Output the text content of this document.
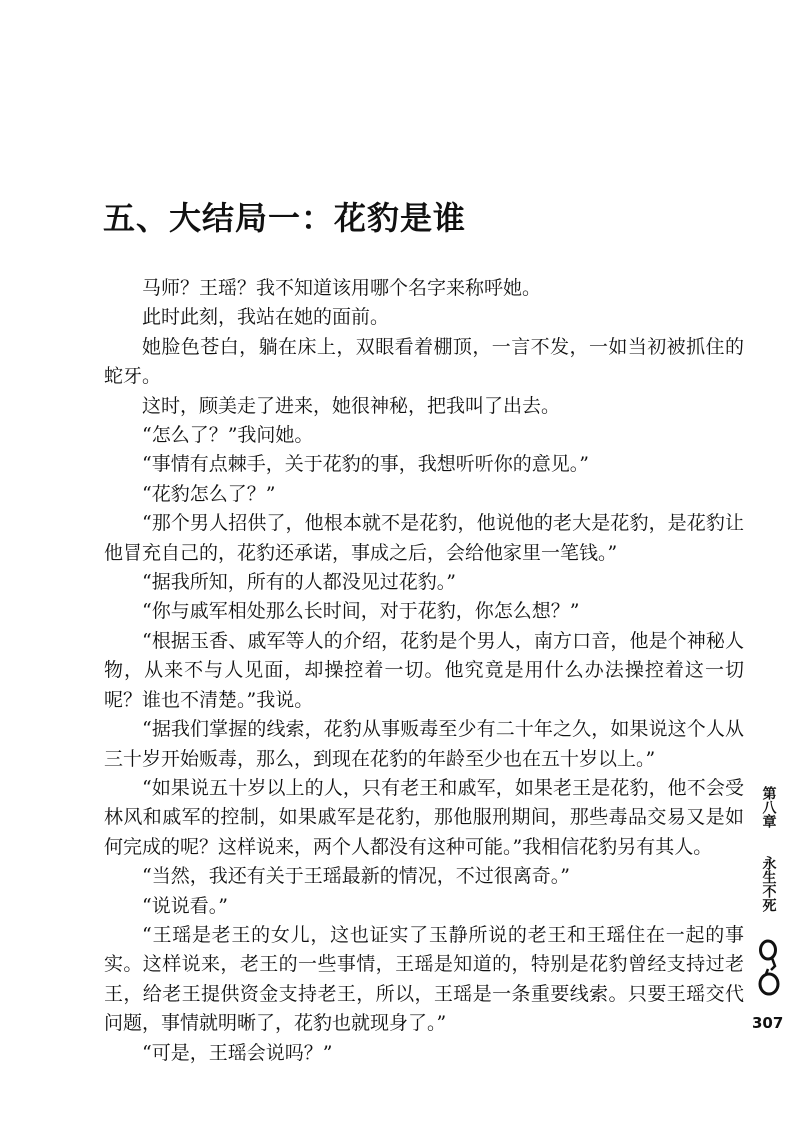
五、大结局一：花豹是谁

马师？王瑶？我不知道该用哪个名字来称呼她。

此时此刻，我站在她的面前。

她脸色苍白，躺在床上，双眼看着棚顶，一言不发，一如当初被抓住的蛇牙。

这时，顾美走了进来，她很神秘，把我叫了出去。

“怎么了？”我问她。

“事情有点棘手，关于花豹的事，我想听听你的意见。”

“花豹怎么了？”

“那个男人招供了，他根本就不是花豹，他说他的老大是花豹，是花豹让他冒充自己的，花豹还承诺，事成之后，会给他家里一笔钱。”

“据我所知，所有的人都没见过花豹。”

“你与戚军相处那么长时间，对于花豹，你怎么想？”

“根据玉香、戚军等人的介绍，花豹是个男人，南方口音，他是个神秘人物，从来不与人见面，却操控着一切。他究竟是用什么办法操控着这一切呢？谁也不清楚。”我说。

“据我们掌握的线索，花豹从事贩毒至少有二十年之久，如果说这个人从三十岁开始贩毒，那么，到现在花豹的年龄至少也在五十岁以上。”

“如果说五十岁以上的人，只有老王和戚军，如果老王是花豹，他不会受林风和戚军的控制，如果戚军是花豹，那他服刑期间，那些毒品交易又是如何完成的呢？这样说来，两个人都没有这种可能。”我相信花豹另有其人。

“当然，我还有关于王瑶最新的情况，不过很离奇。”

“说说看。”

“王瑶是老王的女儿，这也证实了玉静所说的老王和王瑶住在一起的事实。这样说来，老王的一些事情，王瑶是知道的，特别是花豹曾经支持过老王，给老王提供资金支持老王，所以，王瑶是一条重要线索。只要王瑶交代问题，事情就明晰了，花豹也就现身了。”

“可是，王瑶会说吗？”

第八章
永生不死
307
